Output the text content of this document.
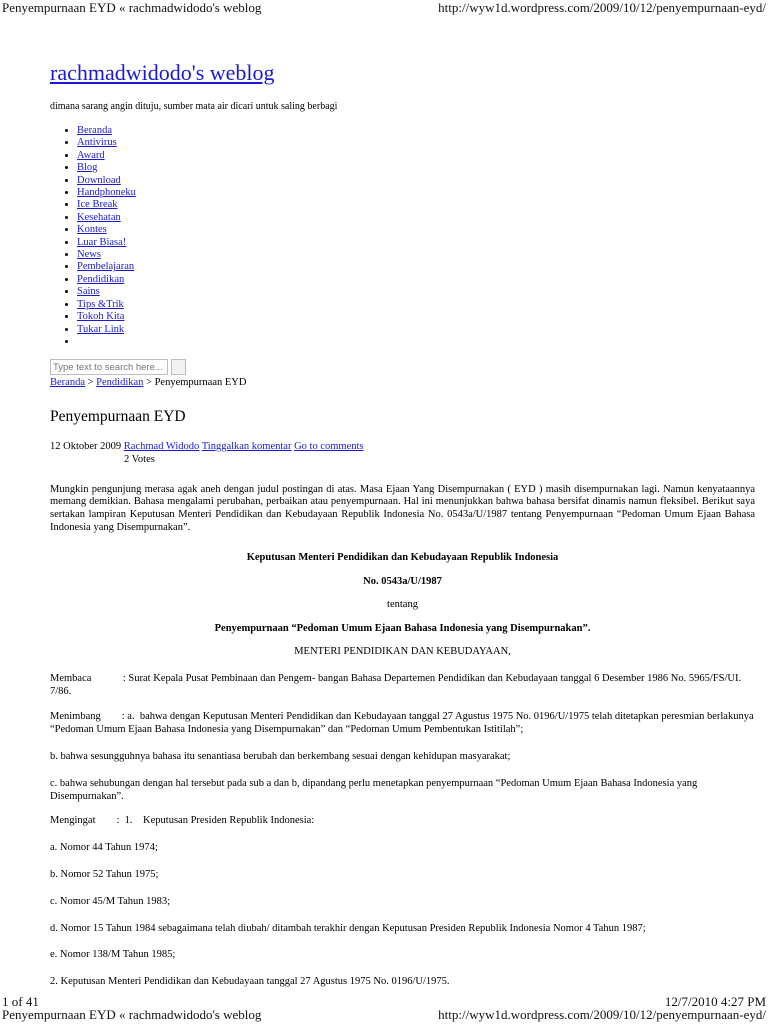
Penyempurnaan EYD « rachmadwidodo's weblog	http://wyw1d.wordpress.com/2009/10/12/penyempurnaan-eyd/
rachmadwidodo's weblog
dimana sarang angin dituju, sumber mata air dicari untuk saling berbagi
• Beranda
• Antivirus
• Award
• Blog
• Download
• Handphoneku
• Ice Break
• Kesehatan
• Kontes
• Luar Biasa!
• News
• Pembelajaran
• Pendidikan
• Sains
• Tips &Trik
• Tokoh Kita
• Tukar Link
•
Type text to search here...
Beranda > Pendidikan > Penyempurnaan EYD
Penyempurnaan EYD
12 Oktober 2009 Rachmad Widodo Tinggalkan komentar Go to comments
2 Votes

Mungkin pengunjung merasa agak aneh dengan judul postingan di atas. Masa Ejaan Yang Disempurnakan ( EYD ) masih disempurnakan lagi. Namun kenyataannya memang demikian. Bahasa mengalami perubahan, perbaikan atau penyempurnaan. Hal ini menunjukkan bahwa bahasa bersifat dinamis namun fleksibel. Berikut saya sertakan lampiran Keputusan Menteri Pendidikan dan Kebudayaan Republik Indonesia No. 0543a/U/1987 tentang Penyempurnaan “Pedoman Umum Ejaan Bahasa Indonesia yang Disempurnakan”.

Keputusan Menteri Pendidikan dan Kebudayaan Republik Indonesia

No. 0543a/U/1987

tentang

Penyempurnaan “Pedoman Umum Ejaan Bahasa Indonesia yang Disempurnakan”.

MENTERI PENDIDIKAN DAN KEBUDAYAAN,

Membaca            : Surat Kepala Pusat Pembinaan dan Pengem- bangan Bahasa Departemen Pendidikan dan Kebudayaan tanggal 6 Desember 1986 No. 5965/FS/UI. 7/86.

Menimbang        : a.  bahwa dengan Keputusan Menteri Pendidikan dan Kebudayaan tanggal 27 Agustus 1975 No. 0196/U/1975 telah ditetapkan peresmian berlakunya “Pedoman Umum Ejaan Bahasa Indonesia yang Disempurnakan” dan “Pedoman Umum Pembentukan Istitilah”;

b. bahwa sesungguhnya bahasa itu senantiasa berubah dan berkembang sesuai dengan kehidupan masyarakat;

c. bahwa sehubungan dengan hal tersebut pada sub a dan b, dipandang perlu menetapkan penyempurnaan “Pedoman Umum Ejaan Bahasa Indonesia yang Disempurnakan”.

Mengingat        :  1.    Keputusan Presiden Republik Indonesia:

a. Nomor 44 Tahun 1974;

b. Nomor 52 Tahun 1975;

c. Nomor 45/M Tahun 1983;

d. Nomor 15 Tahun 1984 sebagaimana telah diubah/ ditambah terakhir dengan Keputusan Presiden Republik Indonesia Nomor 4 Tahun 1987;

e. Nomor 138/M Tahun 1985;

2. Keputusan Menteri Pendidikan dan Kebudayaan tanggal 27 Agustus 1975 No. 0196/U/1975.

1 of 41	12/7/2010 4:27 PM
Penyempurnaan EYD « rachmadwidodo's weblog	http://wyw1d.wordpress.com/2009/10/12/penyempurnaan-eyd/
